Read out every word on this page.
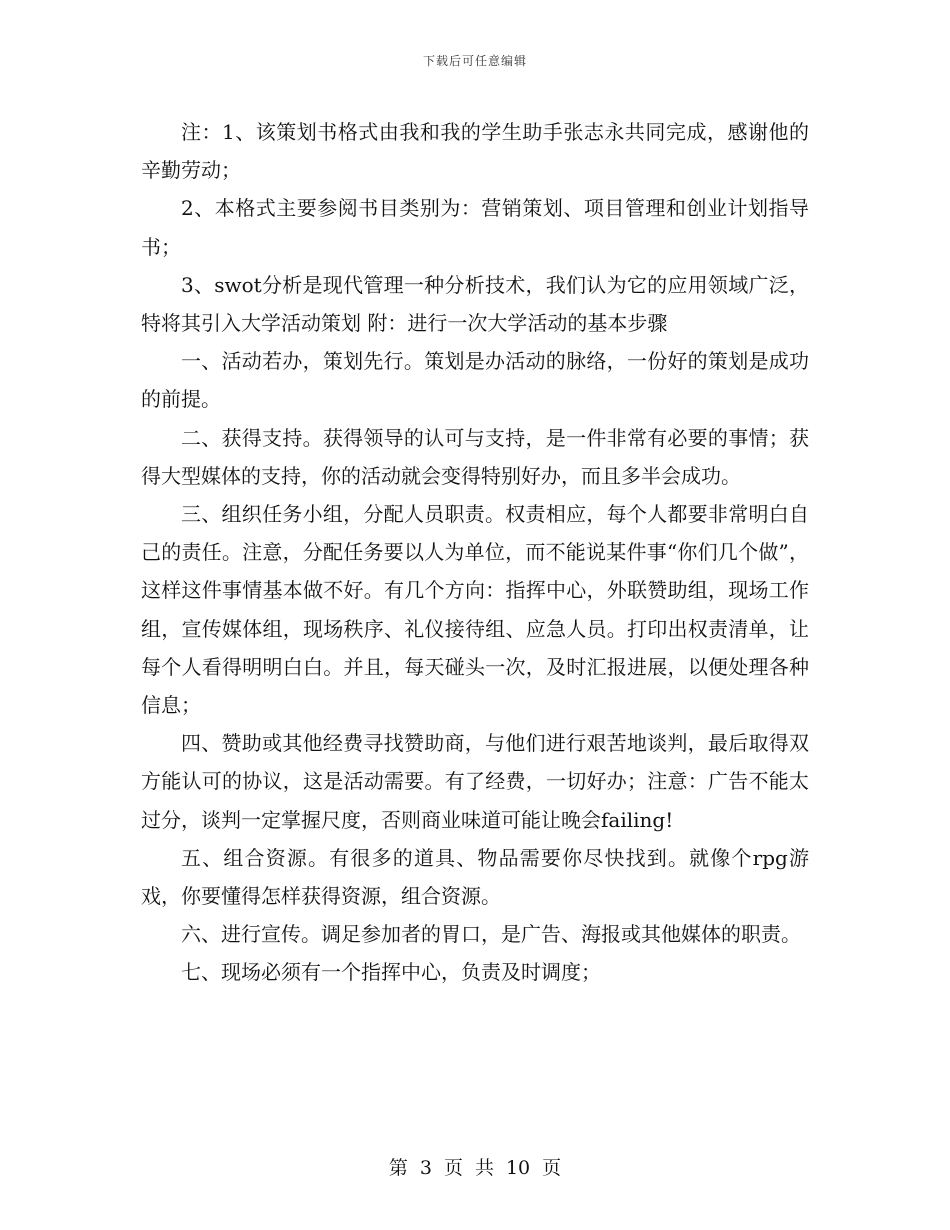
下载后可任意编辑

注：1、该策划书格式由我和我的学生助手张志永共同完成，感谢他的辛勤劳动；

2、本格式主要参阅书目类别为：营销策划、项目管理和创业计划指导书；

3、swot分析是现代管理一种分析技术，我们认为它的应用领域广泛，特将其引入大学活动策划 附：进行一次大学活动的基本步骤

一、活动若办，策划先行。策划是办活动的脉络，一份好的策划是成功的前提。

二、获得支持。获得领导的认可与支持，是一件非常有必要的事情；获得大型媒体的支持，你的活动就会变得特别好办，而且多半会成功。

三、组织任务小组，分配人员职责。权责相应，每个人都要非常明白自己的责任。注意，分配任务要以人为单位，而不能说某件事“你们几个做”，这样这件事情基本做不好。有几个方向：指挥中心，外联赞助组，现场工作组，宣传媒体组，现场秩序、礼仪接待组、应急人员。打印出权责清单，让每个人看得明明白白。并且，每天碰头一次，及时汇报进展，以便处理各种信息；

四、赞助或其他经费寻找赞助商，与他们进行艰苦地谈判，最后取得双方能认可的协议，这是活动需要。有了经费，一切好办；注意：广告不能太过分，谈判一定掌握尺度，否则商业味道可能让晚会failing!

五、组合资源。有很多的道具、物品需要你尽快找到。就像个rpg游戏，你要懂得怎样获得资源，组合资源。

六、进行宣传。调足参加者的胃口，是广告、海报或其他媒体的职责。

七、现场必须有一个指挥中心，负责及时调度；

第 3 页 共 10 页
